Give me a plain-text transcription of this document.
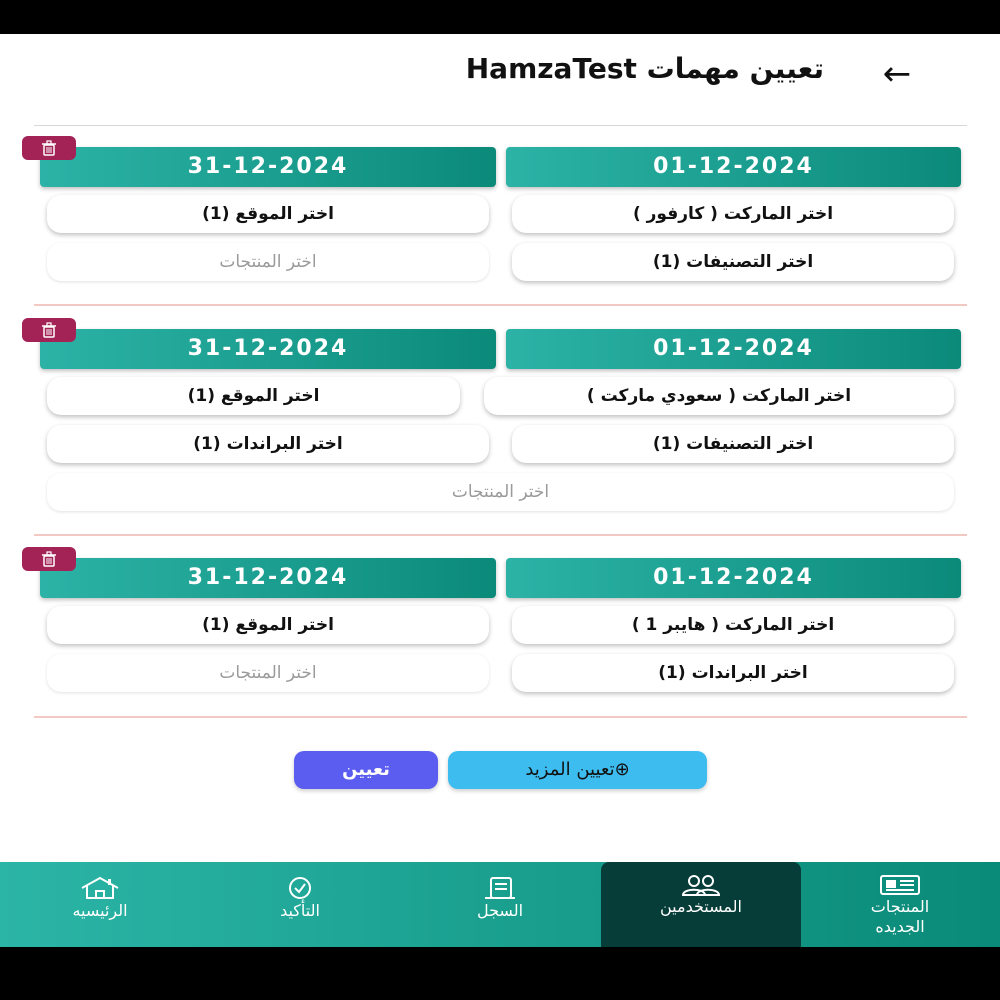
←
تعيين مهمات HamzaTest
31-12-2024	01-12-2024
اختر الموقع (1)	اختر الماركت ( كارفور )
اختر المنتجات	اختر التصنيفات (1)
31-12-2024	01-12-2024
اختر الموقع (1)	اختر الماركت ( سعودي ماركت )
اختر البراندات (1)	اختر التصنيفات (1)
اختر المنتجات
31-12-2024	01-12-2024
اختر الموقع (1)	اختر الماركت ( هايبر 1 )
اختر المنتجات	اختر البراندات (1)
تعيين	⊕تعيين المزيد
الرئيسيه	التأكيد	السجل	المستخدمين	المنتجات
الجديده
